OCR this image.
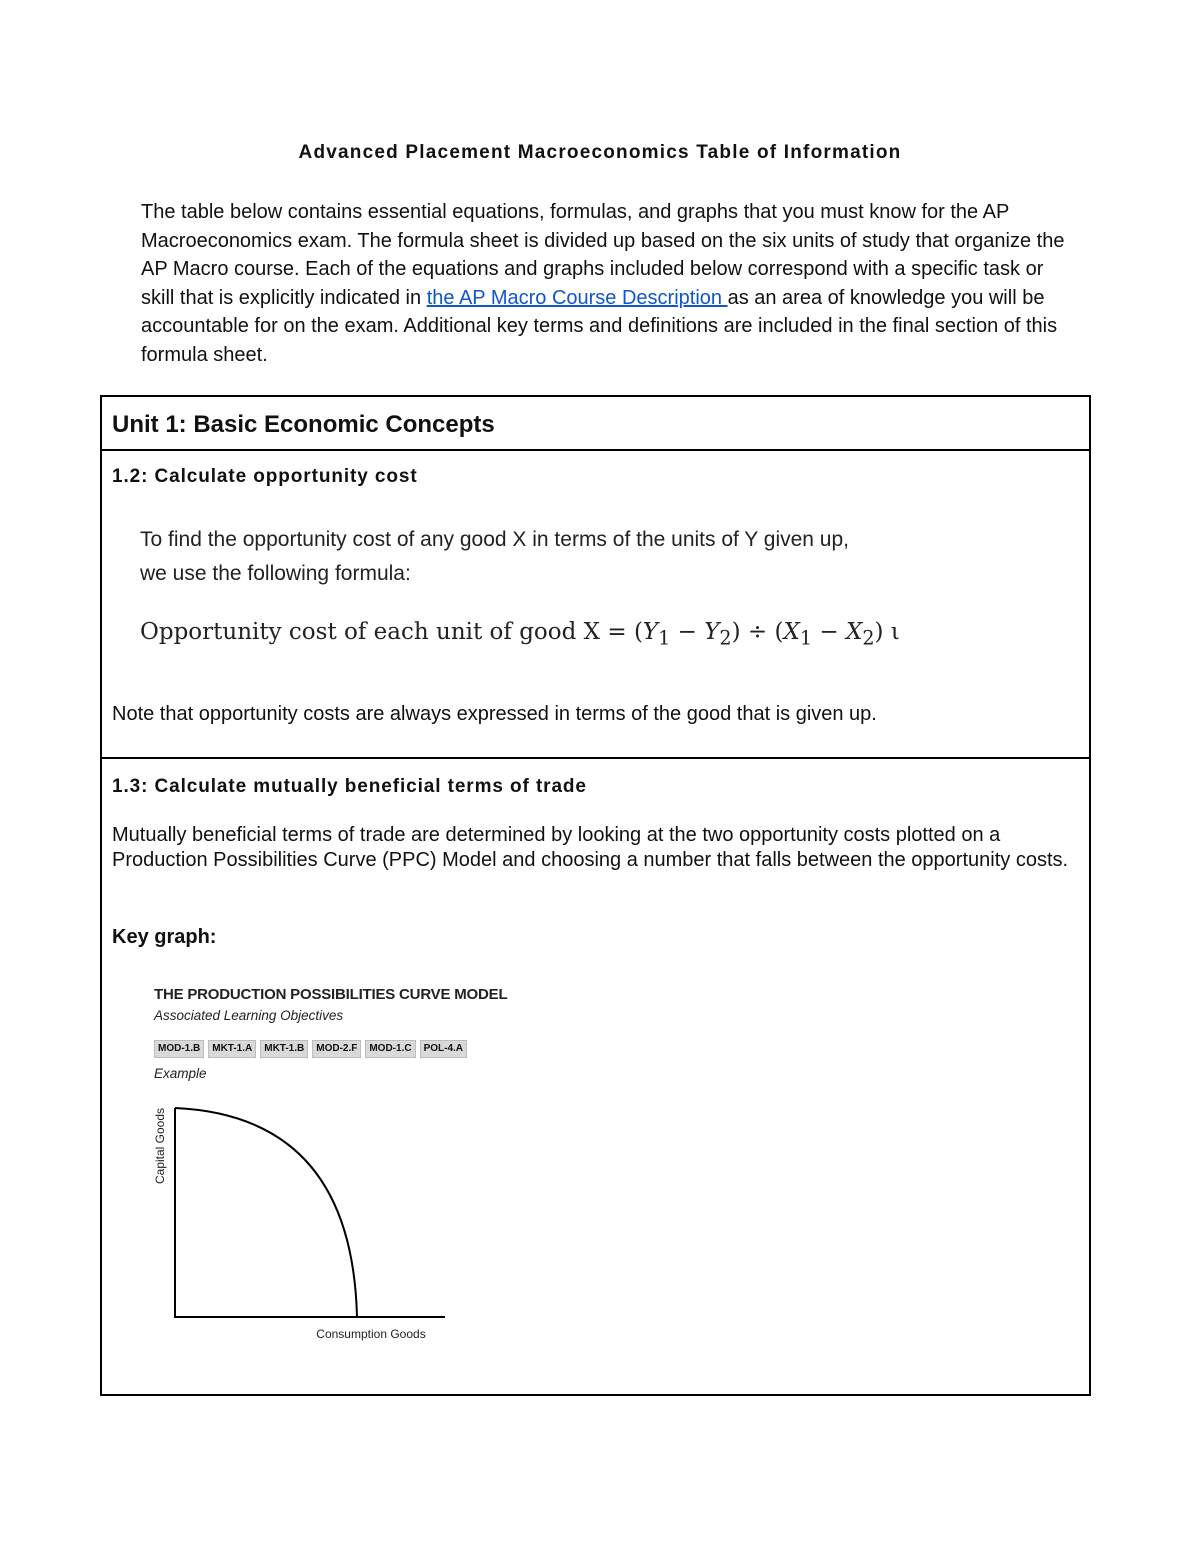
Advanced Placement Macroeconomics Table of Information

The table below contains essential equations, formulas, and graphs that you must know for the AP Macroeconomics exam. The formula sheet is divided up based on the six units of study that organize the AP Macro course. Each of the equations and graphs included below correspond with a specific task or skill that is explicitly indicated in the AP Macro Course Description as an area of knowledge you will be accountable for on the exam. Additional key terms and definitions are included in the final section of this formula sheet.

Unit 1: Basic Economic Concepts
1.2: Calculate opportunity cost
To find the opportunity cost of any good X in terms of the units of Y given up,
we use the following formula:
Opportunity cost of each unit of good $X = (Y_1 - Y_2) \div (X_1 - X_2)$ ι
Note that opportunity costs are always expressed in terms of the good that is given up.
1.3: Calculate mutually beneficial terms of trade

Mutually beneficial terms of trade are determined by looking at the two opportunity costs plotted on a Production Possibilities Curve (PPC) Model and choosing a number that falls between the opportunity costs.

Key graph:
THE PRODUCTION POSSIBILITIES CURVE MODEL
Associated Learning Objectives
MOD-1.B	MKT-1.A	MKT-1.B	MOD-2.F	MOD-1.C	POL-4.A
Example
Capital Goods
Consumption Goods
